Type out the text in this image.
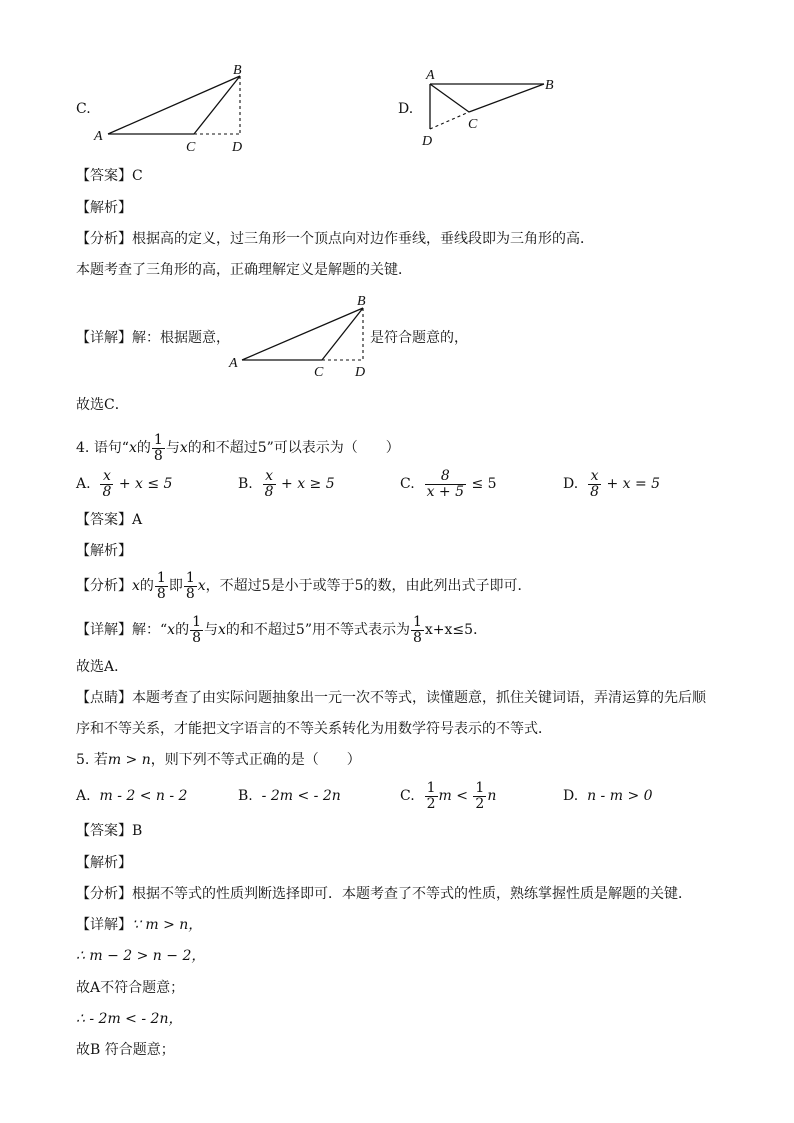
C.
A
B
C	D
D.
A
B
C
D
【答案】C
【解析】
【分析】根据高的定义，过三角形一个顶点向对边作垂线，垂线段即为三角形的高．
本题考查了三角形的高，正确理解定义是解题的关键．
【详解】解：根据题意，
A
B
C D
是符合题意的，
故选C．
4. 语句“x的 $\frac{1}{8}$ 与x的和不超过5”可以表示为（　　）
A. $\frac{x}{8} + x \le 5$	B. $\frac{x}{8} + x \ge 5$	C. $\frac{8}{x + 5} \le 5$	D. $\frac{x}{8} + x = 5$
【答案】A
【解析】
【分析】x的 $\frac{1}{8}$ 即 $\frac{1}{8}$ x，不超过5是小于或等于5的数，由此列出式子即可．
【详解】解：“x的 $\frac{1}{8}$ 与x的和不超过5”用不等式表示为 $\frac{1}{8} x+x\le 5$．
故选A．
【点睛】本题考查了由实际问题抽象出一元一次不等式，读懂题意，抓住关键词语，弄清运算的先后顺
序和不等关系，才能把文字语言的不等关系转化为用数学符号表示的不等式．
5. 若m > n，则下列不等式正确的是（　　）
A. m - 2 < n - 2	B. - 2m < - 2n	C. $\frac{1}{2}$ $m < \frac{1}{2}$ n	D. n - m > 0
【答案】B
【解析】
【分析】根据不等式的性质判断选择即可．本题考查了不等式的性质，熟练掌握性质是解题的关键．
【详解】∵ m > n，
∴ m − 2 > n − 2，
故A不符合题意；
∴ - 2m < - 2n，
故B 符合题意；
